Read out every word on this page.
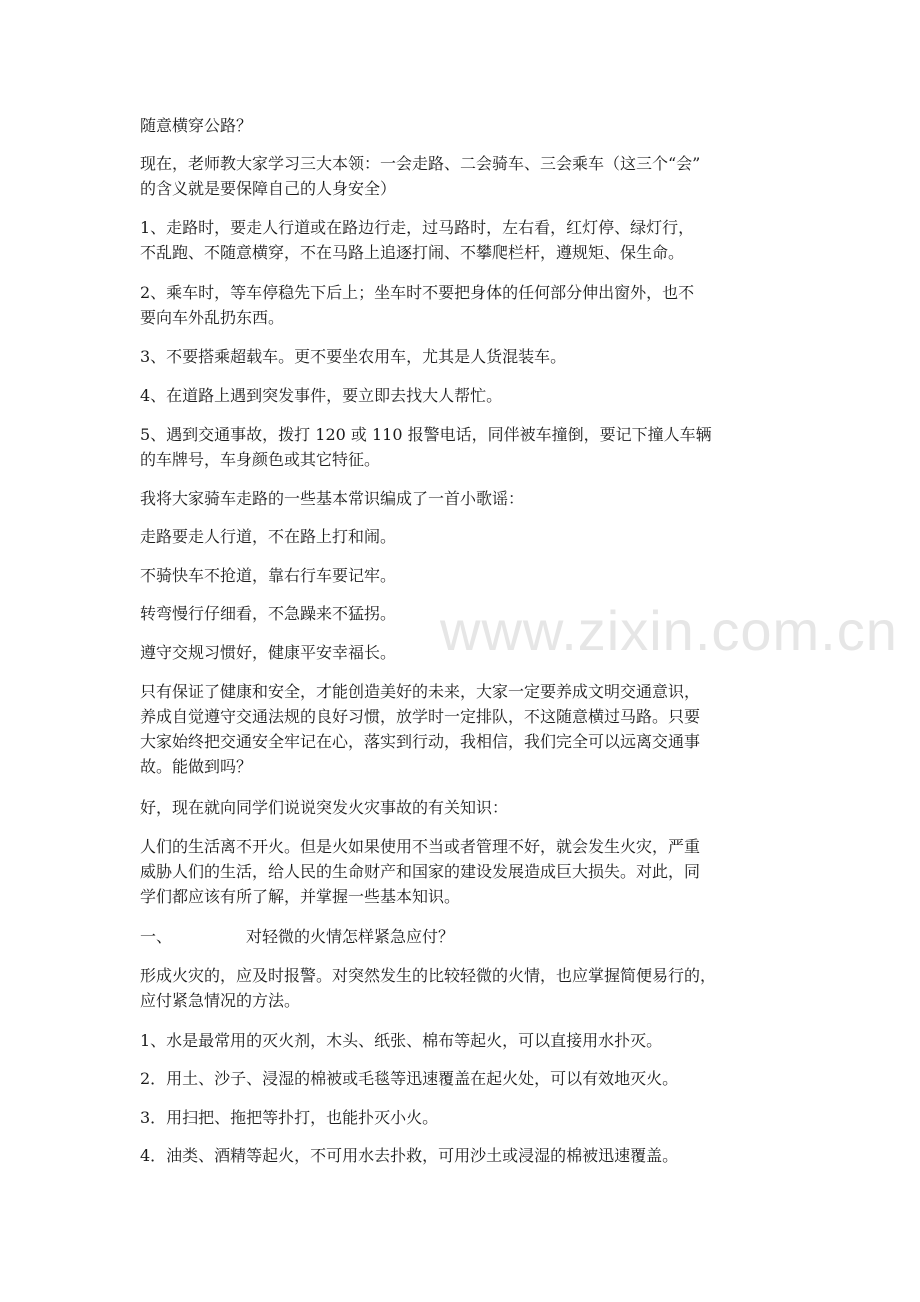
www.zixin.com.cn
随意横穿公路？
现在，老师教大家学习三大本领：一会走路、二会骑车、三会乘车（这三个“会”
的含义就是要保障自己的人身安全）
1、走路时，要走人行道或在路边行走，过马路时，左右看，红灯停、绿灯行，
不乱跑、不随意横穿，不在马路上追逐打闹、不攀爬栏杆，遵规矩、保生命。
2、乘车时，等车停稳先下后上；坐车时不要把身体的任何部分伸出窗外，也不
要向车外乱扔东西。
3、不要搭乘超载车。更不要坐农用车，尤其是人货混装车。
4、在道路上遇到突发事件，要立即去找大人帮忙。
5、遇到交通事故，拨打 120 或 110 报警电话，同伴被车撞倒，要记下撞人车辆
的车牌号，车身颜色或其它特征。
我将大家骑车走路的一些基本常识编成了一首小歌谣：
走路要走人行道，不在路上打和闹。
不骑快车不抢道，靠右行车要记牢。
转弯慢行仔细看，不急躁来不猛拐。
遵守交规习惯好，健康平安幸福长。
只有保证了健康和安全，才能创造美好的未来，大家一定要养成文明交通意识，
养成自觉遵守交通法规的良好习惯，放学时一定排队，不这随意横过马路。只要
大家始终把交通安全牢记在心，落实到行动，我相信，我们完全可以远离交通事
故。能做到吗？
好，现在就向同学们说说突发火灾事故的有关知识：
人们的生活离不开火。但是火如果使用不当或者管理不好，就会发生火灾，严重
威胁人们的生活，给人民的生命财产和国家的建设发展造成巨大损失。对此，同
学们都应该有所了解，并掌握一些基本知识。
一、	对轻微的火情怎样紧急应付？
形成火灾的，应及时报警。对突然发生的比较轻微的火情，也应掌握简便易行的，
应付紧急情况的方法。
1、水是最常用的灭火剂，木头、纸张、棉布等起火，可以直接用水扑灭。
2．用土、沙子、浸湿的棉被或毛毯等迅速覆盖在起火处，可以有效地灭火。
3．用扫把、拖把等扑打，也能扑灭小火。
4．油类、酒精等起火，不可用水去扑救，可用沙土或浸湿的棉被迅速覆盖。
